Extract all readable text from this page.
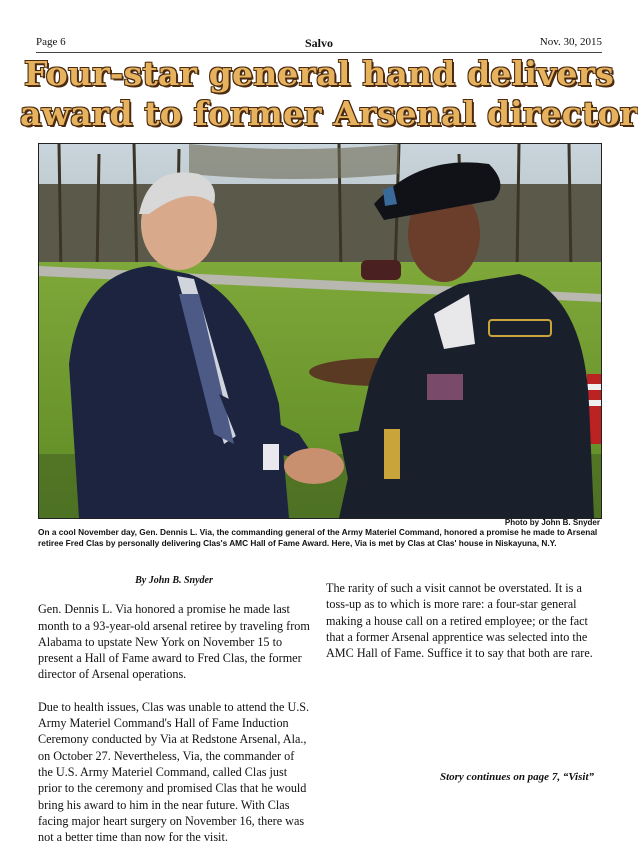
Page 6	Salvo	Nov. 30, 2015
Four-star general hand delivers
award to former Arsenal director
Photo by John B. Snyder
On a cool November day, Gen. Dennis L. Via, the commanding general of the Army Materiel Command, honored a promise he made to Arsenal retiree Fred Clas by personally delivering Clas's AMC Hall of Fame Award. Here, Via is met by Clas at Clas' house in Niskayuna, N.Y.

By John B. Snyder

Gen. Dennis L. Via honored a promise he made last month to a 93-year-old arsenal retiree by traveling from Alabama to upstate New York on November 15 to present a Hall of Fame award to Fred Clas, the former director of Arsenal operations.

Due to health issues, Clas was unable to attend the U.S. Army Materiel Command's Hall of Fame Induction Ceremony conducted by Via at Redstone Arsenal, Ala., on October 27. Nevertheless, Via, the commander of the U.S. Army Materiel Command, called Clas just prior to the ceremony and promised Clas that he would bring his award to him in the near future. With Clas facing major heart surgery on November 16, there was not a better time than now for the visit.

The rarity of such a visit cannot be overstated. It is a toss-up as to which is more rare: a four-star general making a house call on a retired employee; or the fact that a former Arsenal apprentice was selected into the AMC Hall of Fame. Suffice it to say that both are rare.

Story continues on page 7, “Visit”
